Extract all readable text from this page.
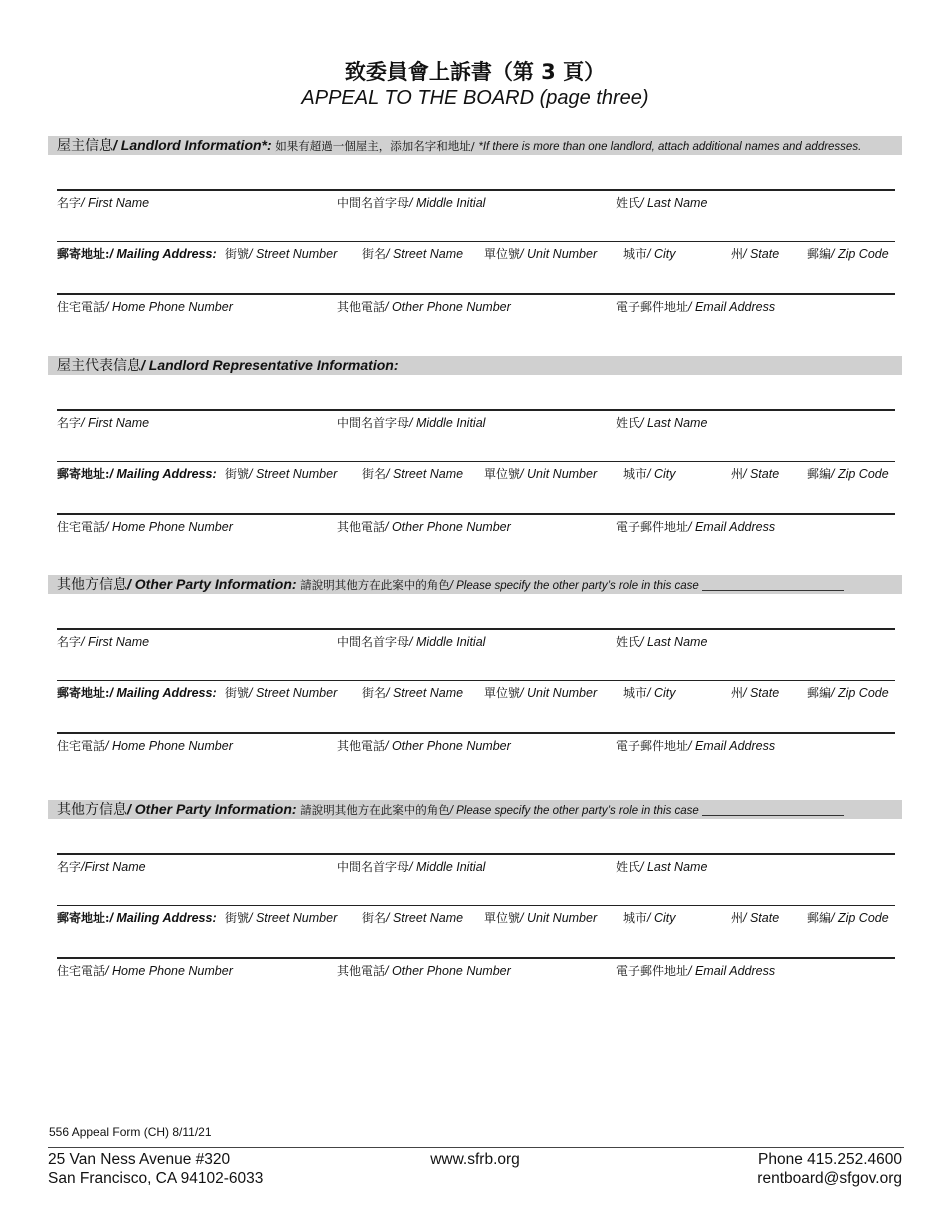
致委員會上訴書（第 3 頁）
APPEAL TO THE BOARD (page three)
屋主信息/ Landlord Information*: 如果有超過一個屋主，添加名字和地址/ *If there is more than one landlord, attach additional names and addresses.
名字/ First Name	中間名首字母/ Middle Initial	姓氏/ Last Name
郵寄地址:/ Mailing Address: 街號/ Street Number 街名/ Street Name 單位號/ Unit Number 城市/ City	州/ State 郵編/ Zip Code
住宅電話/ Home Phone Number	其他電話/ Other Phone Number	電子郵件地址/ Email Address
屋主代表信息/ Landlord Representative Information:
名字/ First Name	中間名首字母/ Middle Initial	姓氏/ Last Name
郵寄地址:/ Mailing Address: 街號/ Street Number 街名/ Street Name 單位號/ Unit Number 城市/ City	州/ State 郵編/ Zip Code
住宅電話/ Home Phone Number	其他電話/ Other Phone Number	電子郵件地址/ Email Address
其他方信息/ Other Party Information: 請說明其他方在此案中的角色/ Please specify the other party’s role in this case
名字/ First Name	中間名首字母/ Middle Initial	姓氏/ Last Name
郵寄地址:/ Mailing Address: 街號/ Street Number 街名/ Street Name 單位號/ Unit Number 城市/ City	州/ State 郵編/ Zip Code
住宅電話/ Home Phone Number	其他電話/ Other Phone Number	電子郵件地址/ Email Address
其他方信息/ Other Party Information: 請說明其他方在此案中的角色/ Please specify the other party’s role in this case
名字/First Name	中間名首字母/ Middle Initial	姓氏/ Last Name
郵寄地址:/ Mailing Address: 街號/ Street Number 街名/ Street Name 單位號/ Unit Number 城市/ City	州/ State 郵編/ Zip Code
住宅電話/ Home Phone Number	其他電話/ Other Phone Number	電子郵件地址/ Email Address
556 Appeal Form (CH) 8/11/21
25 Van Ness Avenue #320
San Francisco, CA 94102-6033
www.sfrb.org	Phone 415.252.4600
rentboard@sfgov.org
